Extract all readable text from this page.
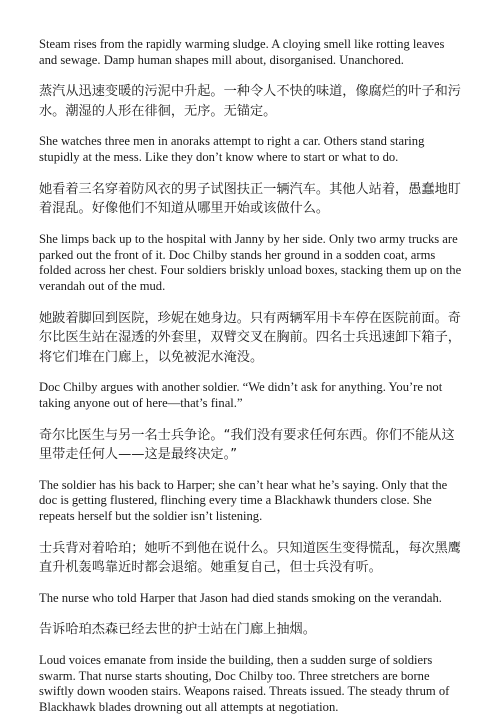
Steam rises from the rapidly warming sludge. A cloying smell like rotting leaves and sewage. Damp human shapes mill about, disorganised. Unanchored.

蒸汽从迅速变暖的污泥中升起。一种令人不快的味道，像腐烂的叶子和污水。潮湿的人形在徘徊，无序。无锚定。

She watches three men in anoraks attempt to right a car. Others stand staring stupidly at the mess. Like they don’t know where to start or what to do.

她看着三名穿着防风衣的男子试图扶正一辆汽车。其他人站着，愚蠢地盯着混乱。好像他们不知道从哪里开始或该做什么。

She limps back up to the hospital with Janny by her side. Only two army trucks are parked out the front of it. Doc Chilby stands her ground in a sodden coat, arms folded across her chest. Four soldiers briskly unload boxes, stacking them up on the verandah out of the mud.

她跛着脚回到医院，珍妮在她身边。只有两辆军用卡车停在医院前面。奇尔比医生站在湿透的外套里，双臂交叉在胸前。四名士兵迅速卸下箱子，将它们堆在门廊上，以免被泥水淹没。

Doc Chilby argues with another soldier. “We didn’t ask for anything. You’re not taking anyone out of here—that’s final.”

奇尔比医生与另一名士兵争论。“我们没有要求任何东西。你们不能从这里带走任何人——这是最终决定。”

The soldier has his back to Harper; she can’t hear what he’s saying. Only that the doc is getting flustered, flinching every time a Blackhawk thunders close. She repeats herself but the soldier isn’t listening.

士兵背对着哈珀；她听不到他在说什么。只知道医生变得慌乱，每次黑鹰直升机轰鸣靠近时都会退缩。她重复自己，但士兵没有听。

The nurse who told Harper that Jason had died stands smoking on the verandah.

告诉哈珀杰森已经去世的护士站在门廊上抽烟。

Loud voices emanate from inside the building, then a sudden surge of soldiers swarm. That nurse starts shouting, Doc Chilby too. Three stretchers are borne swiftly down wooden stairs. Weapons raised. Threats issued. The steady thrum of Blackhawk blades drowning out all attempts at negotiation.
